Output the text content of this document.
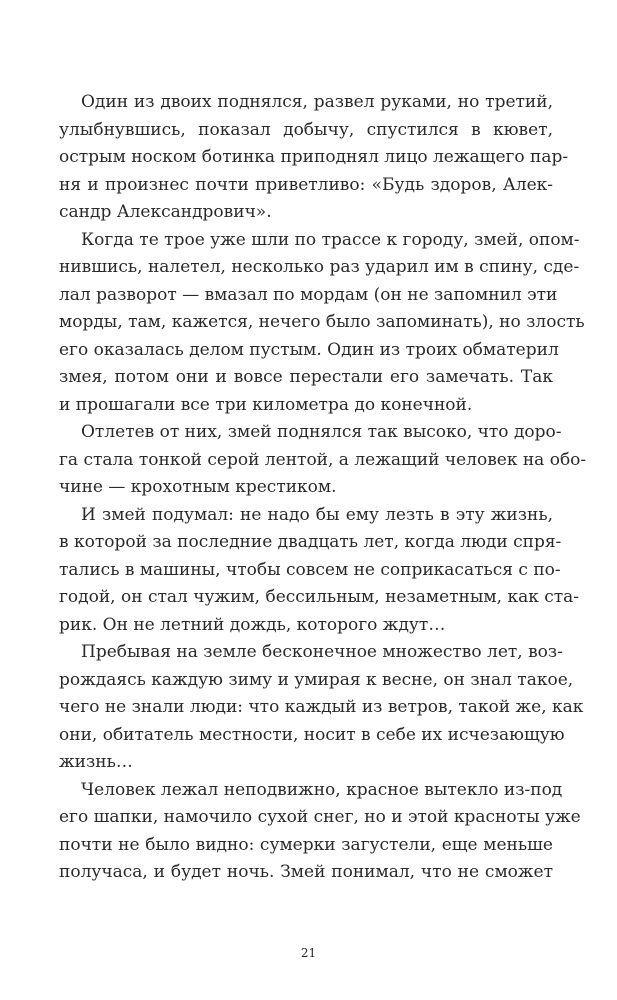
Один из двоих поднялся, развел руками, но третий,
улыбнувшись, показал добычу, спустился в кювет,
острым носком ботинка приподнял лицо лежащего пар-
ня и произнес почти приветливо: «Будь здоров, Алек-
сандр Александрович».
Когда те трое уже шли по трассе к городу, змей, опом-
нившись, налетел, несколько раз ударил им в спину, сде-
лал разворот — вмазал по мордам (он не запомнил эти
морды, там, кажется, нечего было запоминать), но злость
его оказалась делом пустым. Один из троих обматерил
змея, потом они и вовсе перестали его замечать. Так
и прошагали все три километра до конечной.
Отлетев от них, змей поднялся так высоко, что доро-
га стала тонкой серой лентой, а лежащий человек на обо-
чине — крохотным крестиком.
И змей подумал: не надо бы ему лезть в эту жизнь,
в которой за последние двадцать лет, когда люди спря-
тались в машины, чтобы совсем не соприкасаться с по-
годой, он стал чужим, бессильным, незаметным, как ста-
рик. Он не летний дождь, которого ждут…
Пребывая на земле бесконечное множество лет, воз-
рождаясь каждую зиму и умирая к весне, он знал такое,
чего не знали люди: что каждый из ветров, такой же, как
они, обитатель местности, носит в себе их исчезающую
жизнь…
Человек лежал неподвижно, красное вытекло из-под
его шапки, намочило сухой снег, но и этой красноты уже
почти не было видно: сумерки загустели, еще меньше
получаса, и будет ночь. Змей понимал, что не сможет
21
